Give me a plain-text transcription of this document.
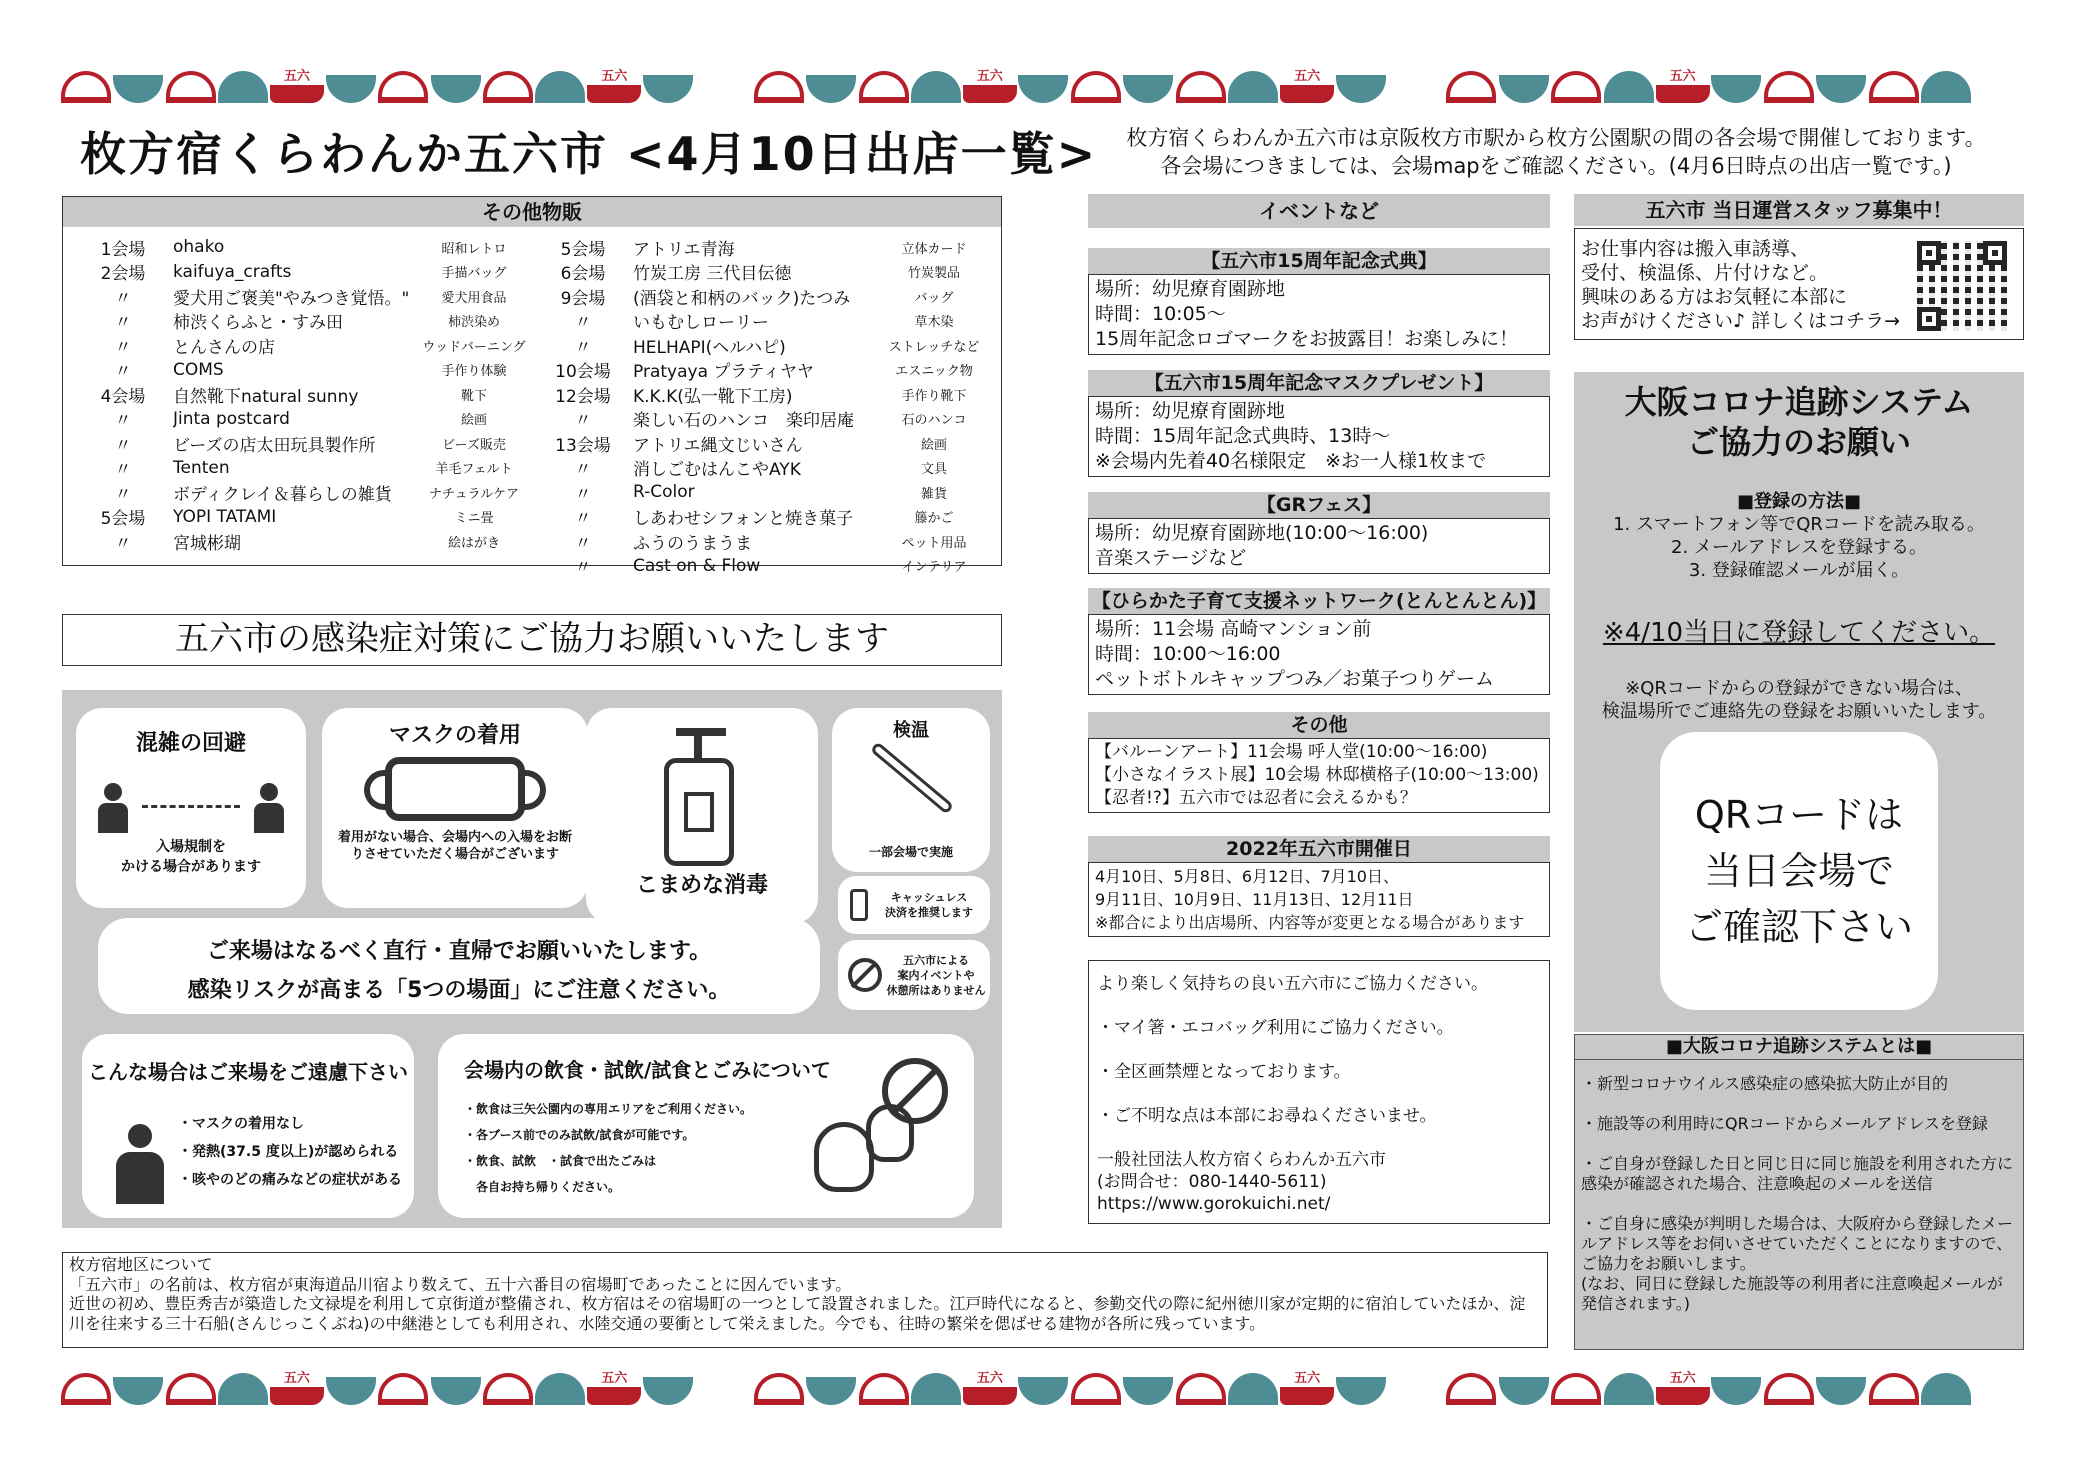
五六	五六	五六	五六	五六
五六	五六	五六	五六	五六
枚方宿くらわんか五六市 <4月10日出店一覧>	枚方宿くらわんか五六市は京阪枚方市駅から枚方公園駅の間の各会場で開催しております。
各会場につきましては、会場mapをご確認ください。(4月6日時点の出店一覧です。)
その他物販
1会場	ohako	昭和レトロ
2会場	kaifuya_crafts	手描バッグ
〃	愛犬用ご褒美"やみつき覚悟。"	愛犬用食品
〃	柿渋くらふと・すみ田	柿渋染め
〃	とんさんの店	ウッドバーニング
〃	COMS	手作り体験
4会場	自然靴下natural sunny	靴下
〃	Jinta postcard	絵画
〃	ビーズの店太田玩具製作所	ビーズ販売
〃	Tenten	羊毛フェルト
〃	ボディクレイ＆暮らしの雑貨	ナチュラルケア
5会場	YOPI TATAMI	ミニ畳
〃	宮城彬瑚	絵はがき
5会場	アトリエ青海	立体カード
6会場	竹炭工房 三代目伝徳	竹炭製品
9会場	(酒袋と和柄のバック)たつみ	バッグ
〃	いもむしローリー	草木染
〃	HELHAPI(ヘルハピ)	ストレッチなど
10会場	Pratyaya プラティヤヤ	エスニック物
12会場	K.K.K(弘一靴下工房)	手作り靴下
〃	楽しい石のハンコ　楽印居庵	石のハンコ
13会場	アトリエ縄文じいさん	絵画
〃	消しごむはんこやAYK	文具
〃	R-Color	雑貨
〃	しあわせシフォンと焼き菓子	籐かご
〃	ふうのうまうま	ペット用品
〃	Cast on & Flow	インテリア
イベントなど
【五六市15周年記念式典】
場所：幼児療育園跡地
時間：10:05〜
15周年記念ロゴマークをお披露目！お楽しみに！
【五六市15周年記念マスクプレゼント】
場所：幼児療育園跡地
時間：15周年記念式典時、13時〜
※会場内先着40名様限定　※お一人様1枚まで
【GRフェス】
場所：幼児療育園跡地(10:00〜16:00)
音楽ステージなど
【ひらかた子育て支援ネットワーク(とんとんとん)】
場所：11会場 高崎マンション前
時間：10:00〜16:00
ペットボトルキャップつみ／お菓子つりゲーム
その他
【バルーンアート】11会場 呼人堂(10:00〜16:00)
【小さなイラスト展】10会場 林邸横格子(10:00〜13:00)
【忍者!?】五六市では忍者に会えるかも？
2022年五六市開催日
4月10日、5月8日、6月12日、7月10日、
9月11日、10月9日、11月13日、12月11日
※都合により出店場所、内容等が変更となる場合があります
より楽しく気持ちの良い五六市にご協力ください。

・マイ箸・エコバッグ利用にご協力ください。

・全区画禁煙となっております。

・ご不明な点は本部にお尋ねくださいませ。

一般社団法人枚方宿くらわんか五六市
(お問合せ：080-1440-5611)
https://www.gorokuichi.net/
五六市 当日運営スタッフ募集中！
お仕事内容は搬入車誘導、
受付、検温係、片付けなど。
興味のある方はお気軽に本部に
お声がけください♪ 詳しくはコチラ→
大阪コロナ追跡システム
ご協力のお願い
■登録の方法■
1. スマートフォン等でQRコードを読み取る。
2. メールアドレスを登録する。
3. 登録確認メールが届く。
※4/10当日に登録してください。
※QRコードからの登録ができない場合は、
検温場所でご連絡先の登録をお願いいたします。
QRコードは
当日会場で
ご確認下さい
■大阪コロナ追跡システムとは■

・新型コロナウイルス感染症の感染拡大防止が目的

・施設等の利用時にQRコードからメールアドレスを登録

・ご自身が登録した日と同じ日に同じ施設を利用された方に感染が確認された場合、注意喚起のメールを送信

・ご自身に感染が判明した場合は、大阪府から登録したメールアドレス等をお伺いさせていただくことになりますので、ご協力をお願いします。
(なお、同日に登録した施設等の利用者に注意喚起メールが発信されます。)

五六市の感染症対策にご協力お願いいたします
混雑の回避
入場規制を
かける場合があります
マスクの着用
着用がない場合、会場内への入場をお断りさせていただく場合がございます
こまめな消毒
検温
一部会場で実施
キャッシュレス
決済を推奨します
五六市による
案内イベントや
休憩所はありません
ご来場はなるべく直行・直帰でお願いいたします。
感染リスクが高まる「5つの場面」にご注意ください。
こんな場合はご来場をご遠慮下さい
・マスクの着用なし
・発熱(37.5 度以上)が認められる
・咳やのどの痛みなどの症状がある
会場内の飲食・試飲/試食とごみについて
・飲食は三矢公園内の専用エリアをご利用ください。
・各ブース前でのみ試飲/試食が可能です。
・飲食、試飲　・試食で出たごみは
　各自お持ち帰りください。
枚方宿地区について
「五六市」の名前は、枚方宿が東海道品川宿より数えて、五十六番目の宿場町であったことに因んでいます。
近世の初め、豊臣秀吉が築造した文禄堤を利用して京街道が整備され、枚方宿はその宿場町の一つとして設置されました。江戸時代になると、参勤交代の際に紀州徳川家が定期的に宿泊していたほか、淀川を往来する三十石船(さんじっこくぶね)の中継港としても利用され、水陸交通の要衝として栄えました。今でも、往時の繁栄を偲ばせる建物が各所に残っています。
